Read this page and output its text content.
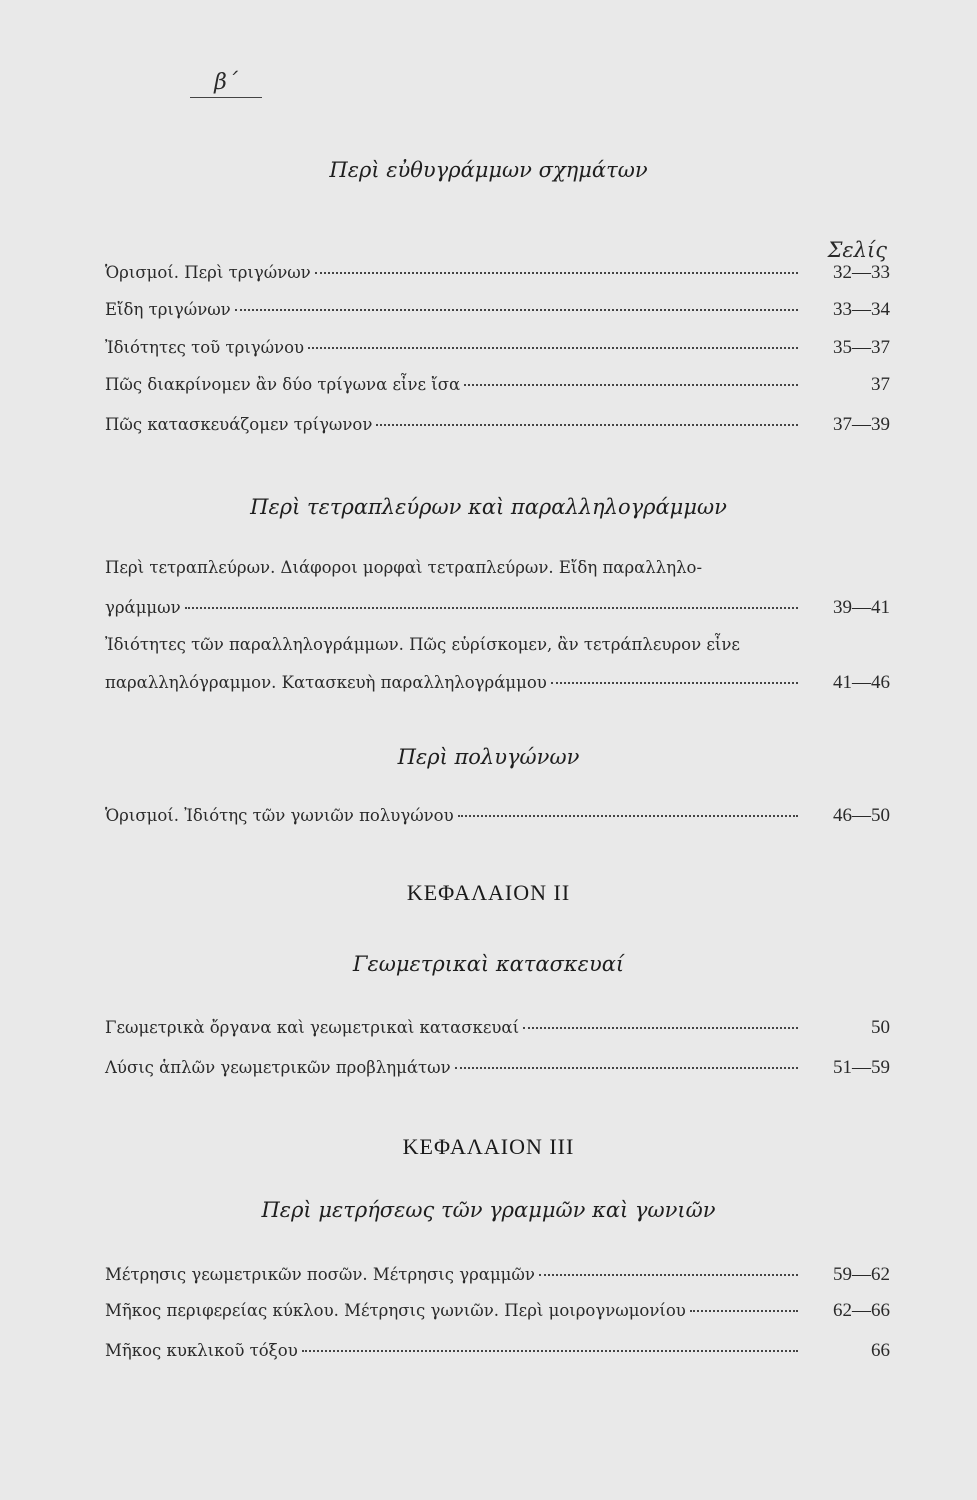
β΄
Περὶ εὐθυγράμμων σχημάτων
Σελίς
Ὁρισμοί. Περὶ τριγώνων	32—33
Εἴδη τριγώνων	33—34
Ἰδιότητες τοῦ τριγώνου	35—37
Πῶς διακρίνομεν ἂν δύο τρίγωνα εἶνε ἴσα	37
Πῶς κατασκευάζομεν τρίγωνον	37—39
Περὶ τετραπλεύρων καὶ παραλληλογράμμων
Περὶ τετραπλεύρων. Διάφοροι μορφαὶ τετραπλεύρων. Εἴδη παραλληλο-
γράμμων	39—41
Ἰδιότητες τῶν παραλληλογράμμων. Πῶς εὑρίσκομεν, ἂν τετράπλευρον εἶνε
παραλληλόγραμμον. Κατασκευὴ παραλληλογράμμου	41—46
Περὶ πολυγώνων
Ὁρισμοί. Ἰδιότης τῶν γωνιῶν πολυγώνου	46—50
ΚΕΦΑΛΑΙΟΝ ΙΙ
Γεωμετρικαὶ κατασκευαί
Γεωμετρικὰ ὄργανα καὶ γεωμετρικαὶ κατασκευαί	50
Λύσις ἁπλῶν γεωμετρικῶν προβλημάτων	51—59
ΚΕΦΑΛΑΙΟΝ ΙΙΙ
Περὶ μετρήσεως τῶν γραμμῶν καὶ γωνιῶν
Μέτρησις γεωμετρικῶν ποσῶν. Μέτρησις γραμμῶν	59—62
Μῆκος περιφερείας κύκλου. Μέτρησις γωνιῶν. Περὶ μοιρογνωμονίου	62—66
Μῆκος κυκλικοῦ τόξου	66
